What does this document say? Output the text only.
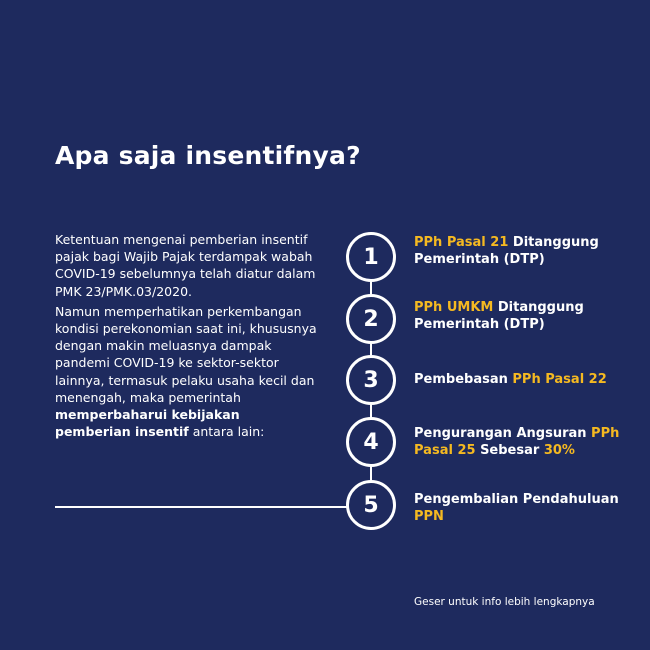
Apa saja insentifnya?

Ketentuan mengenai pemberian insentif pajak bagi Wajib Pajak terdampak wabah COVID-19 sebelumnya telah diatur dalam PMK 23/PMK.03/2020.

Namun memperhatikan perkembangan kondisi perekonomian saat ini, khususnya dengan makin meluasnya dampak pandemi COVID-19 ke sektor-sektor lainnya, termasuk pelaku usaha kecil dan menengah, maka pemerintah memperbaharui kebijakan pemberian insentif antara lain:

1
PPh Pasal 21 Ditanggung Pemerintah (DTP)
2	PPh UMKM Ditanggung Pemerintah (DTP)
3	Pembebasan PPh Pasal 22
4	Pengurangan Angsuran PPh Pasal 25 Sebesar 30%
5	Pengembalian Pendahuluan PPN
Geser untuk info lebih lengkapnya
